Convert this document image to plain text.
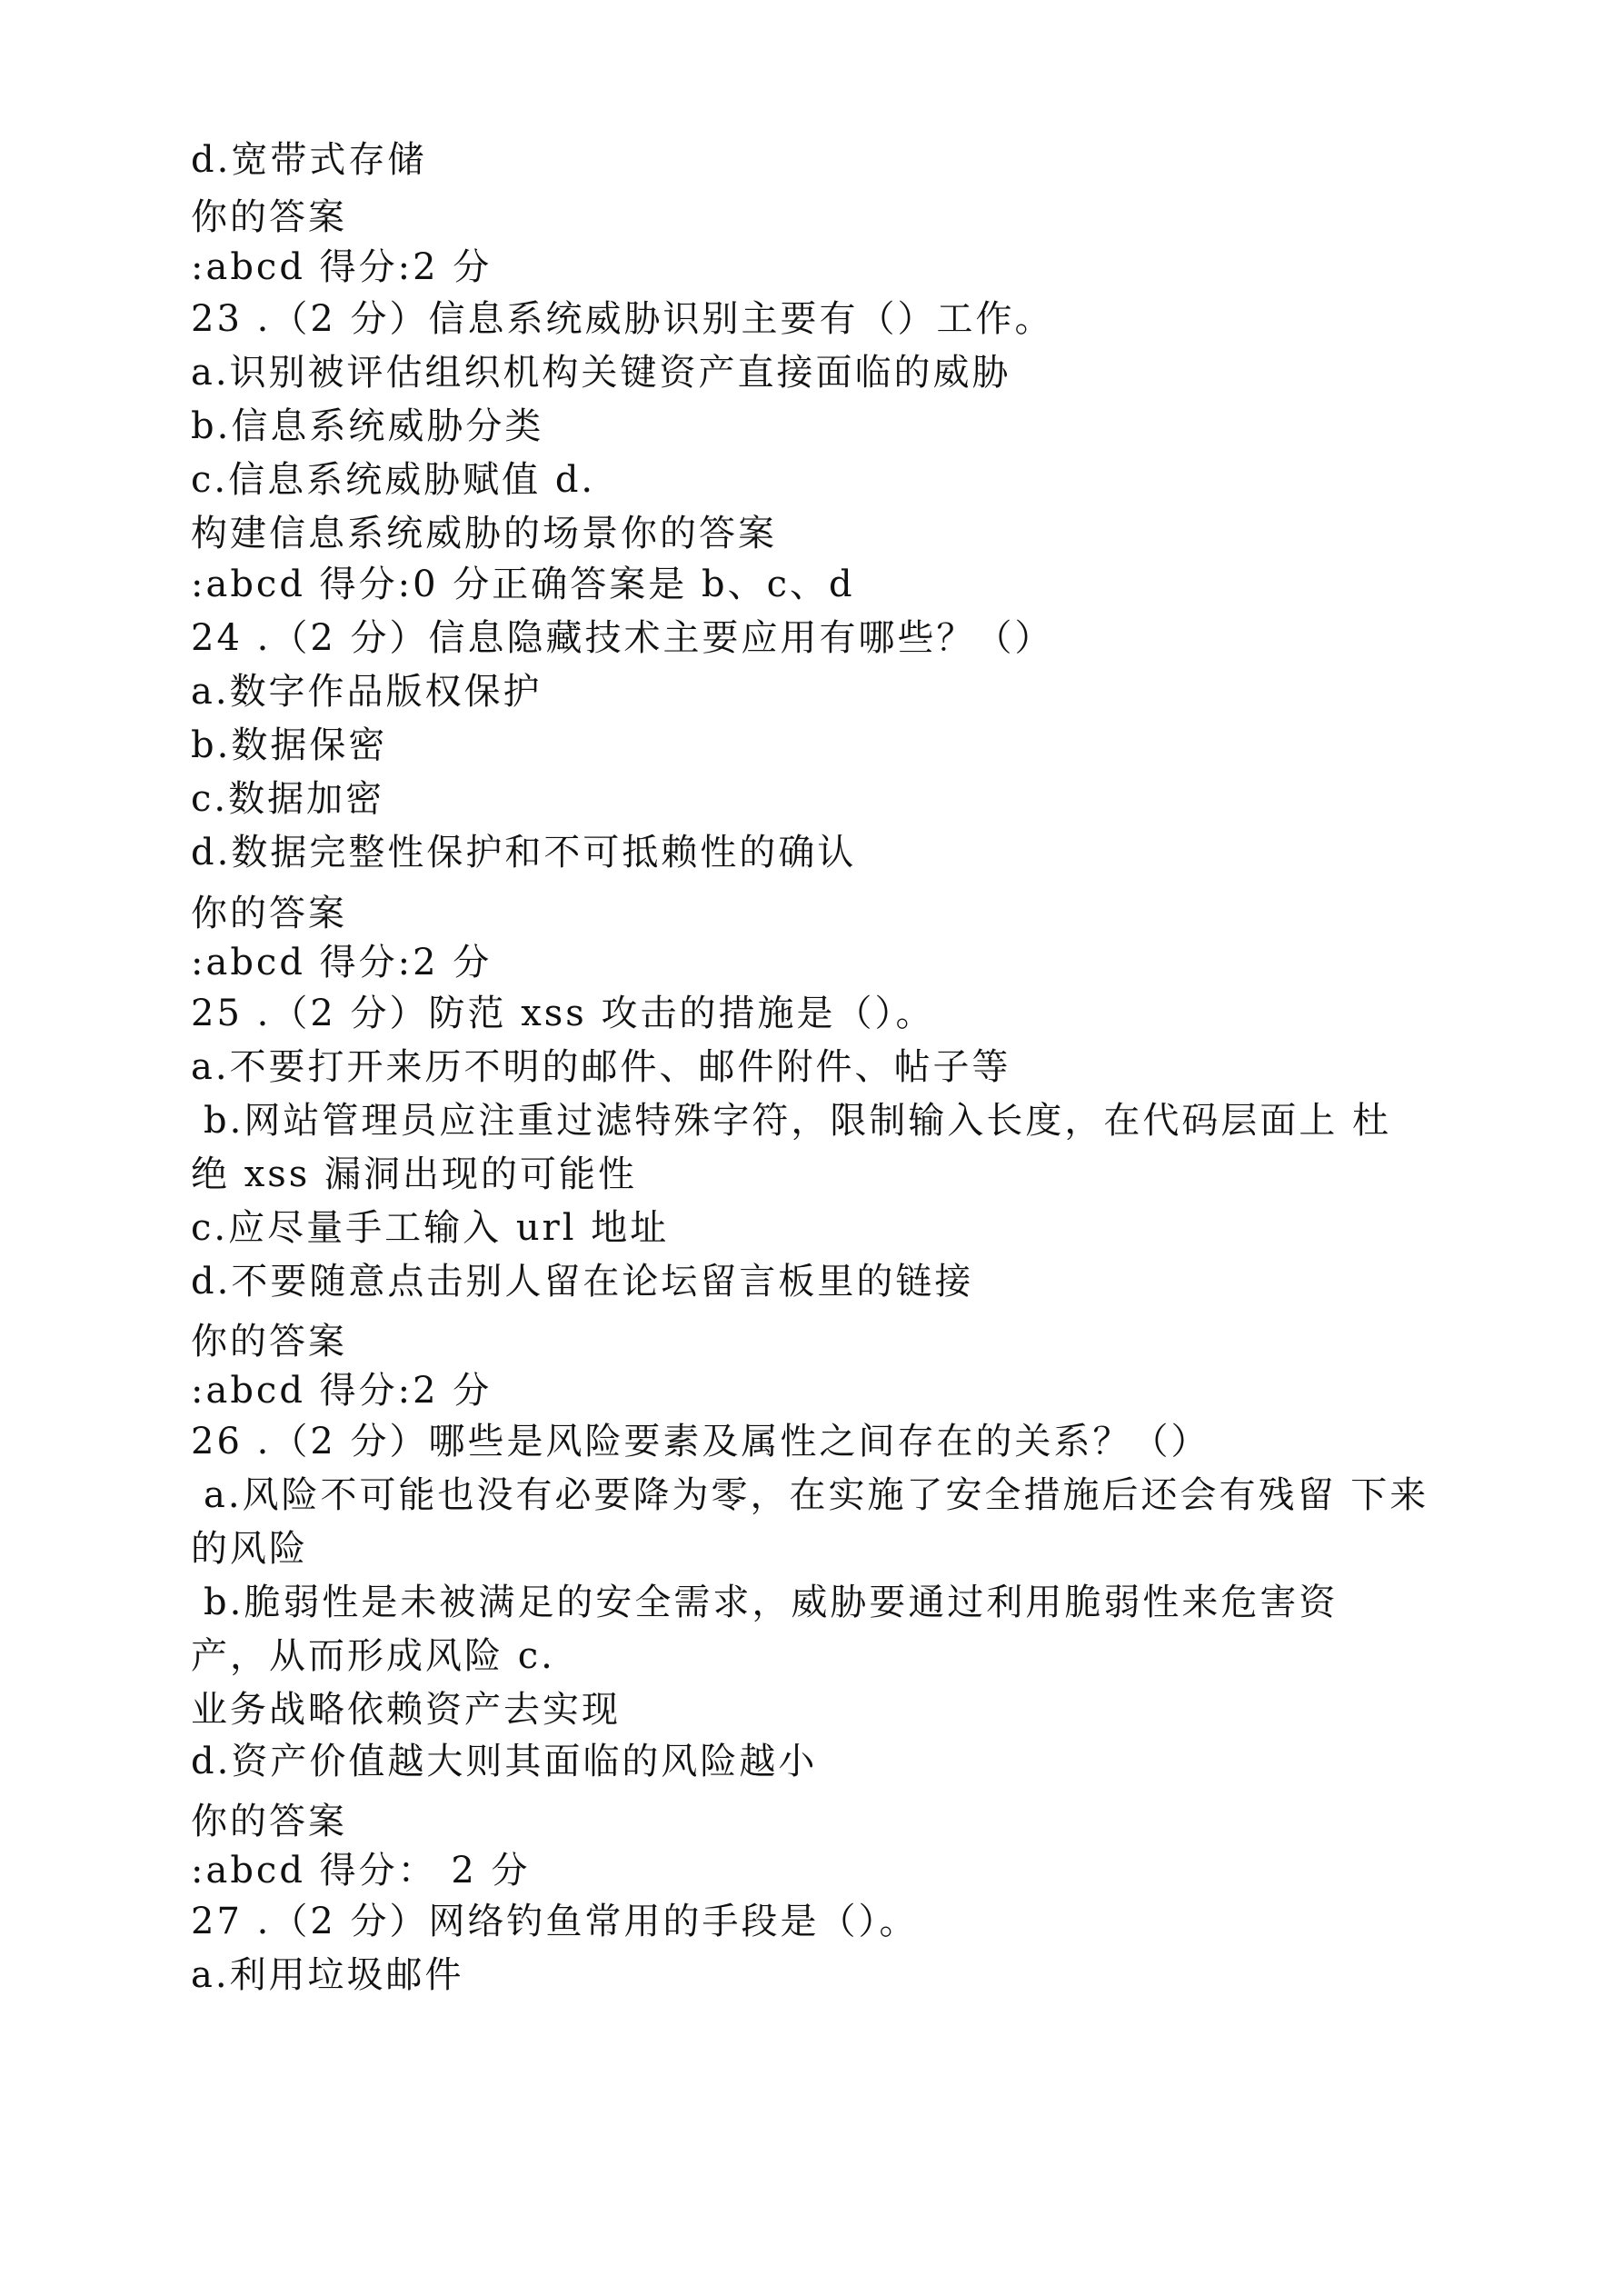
d.宽带式存储

你的答案

:abcd 得分:2 分

23 .（2 分）信息系统威胁识别主要有（）工作。

a.识别被评估组织机构关键资产直接面临的威胁

b.信息系统威胁分类

c.信息系统威胁赋值 d.

构建信息系统威胁的场景你的答案

:abcd 得分:0 分正确答案是 b、c、d

24 .（2 分）信息隐藏技术主要应用有哪些？（）

a.数字作品版权保护

b.数据保密

c.数据加密

d.数据完整性保护和不可抵赖性的确认

你的答案

:abcd 得分:2 分

25 .（2 分）防范 xss 攻击的措施是（）。

a.不要打开来历不明的邮件、邮件附件、帖子等

b.网站管理员应注重过滤特殊字符，限制输入长度，在代码层面上 杜

绝 xss 漏洞出现的可能性

c.应尽量手工输入 url 地址

d.不要随意点击别人留在论坛留言板里的链接

你的答案

:abcd 得分:2 分

26 .（2 分）哪些是风险要素及属性之间存在的关系？（）

a.风险不可能也没有必要降为零，在实施了安全措施后还会有残留 下来

的风险

b.脆弱性是未被满足的安全需求，威胁要通过利用脆弱性来危害资

产，从而形成风险 c.

业务战略依赖资产去实现

d.资产价值越大则其面临的风险越小

你的答案

:abcd 得分： 2 分

27 .（2 分）网络钓鱼常用的手段是（）。

a.利用垃圾邮件
